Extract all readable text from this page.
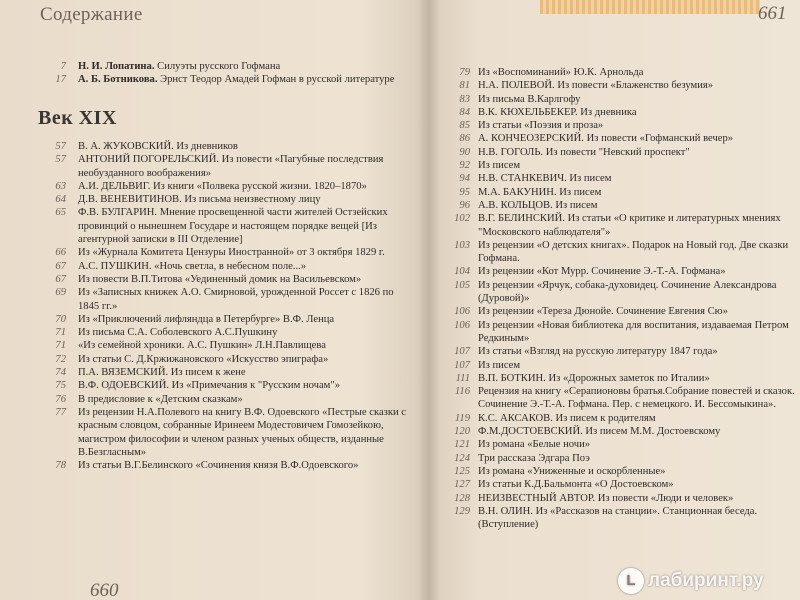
Содержание
7	Н. И. Лопатина. Силуэты русского Гофмана
17	А. Б. Ботникова. Эрнст Теодор Амадей Гофман в русской литературе
Век XIX
57	В. А. ЖУКОВСКИЙ. Из дневников
57	АНТОНИЙ ПОГОРЕЛЬСКИЙ. Из повести «Пагубные последствия необузданного воображения»
63	А.И. ДЕЛЬВИГ. Из книги «Полвека русской жизни. 1820–1870»
64	Д.В. ВЕНЕВИТИНОВ. Из письма неизвестному лицу
65	Ф.В. БУЛГАРИН. Мнение просвещенной части жителей Остзейских провинций о нынешнем Государе и настоящем порядке вещей [Из агентурной записки в III Отделение]
66	Из «Журнала Комитета Цензуры Иностранной» от 3 октября 1829 г.
67	А.С. ПУШКИН. «Ночь светла, в небесном поле...»
67	Из повести В.П.Титова «Уединенный домик на Васильевском»
69	Из «Записных книжек А.О. Смирновой, урожденной Россет с 1826 по 1845 гг.»
70	Из «Приключений лифляндца в Петербурге» В.Ф. Ленца
71	Из письма С.А. Соболевского А.С.Пушкину
71	«Из семейной хроники. А.С. Пушкин» Л.Н.Павлищева
72	Из статьи С. Д.Кржижановского «Искусство эпиграфа»
74	П.А. ВЯЗЕМСКИЙ. Из писем к жене
75	В.Ф. ОДОЕВСКИЙ. Из «Примечания к "Русским ночам"»
76	В предисловие к «Детским сказкам»
77	Из рецензии Н.А.Полевого на книгу В.Ф. Одоевского «Пестрые сказки с красным словцом, собранные Иринеем Модестовичем Гомозейкою, магистром философии и членом разных ученых обществ, изданные В.Безгласным»
78	Из статьи В.Г.Белинского «Сочинения князя В.Ф.Одоевского»
660
661
79 Из «Воспоминаний» Ю.К. Арнольда
81 Н.А. ПОЛЕВОЙ. Из повести «Блаженство безумия»
83 Из письма В.Карлгофу
84 В.К. КЮХЕЛЬБЕКЕР. Из дневника
85 Из статьи «Поэзия и проза»
86 А. КОНЧЕОЗЕРСКИЙ. Из повести «Гофманский вечер»
90 Н.В. ГОГОЛЬ. Из повести "Невский проспект"
92 Из писем
94 Н.В. СТАНКЕВИЧ. Из писем
95 М.А. БАКУНИН. Из писем
96 А.В. КОЛЬЦОВ. Из писем
102 В.Г. БЕЛИНСКИЙ. Из статьи «О критике и литературных мнениях "Московского наблюдателя"»
103 Из рецензии «О детских книгах». Подарок на Новый год. Две сказки Гофмана.
104 Из рецензии «Кот Мурр. Сочинение Э.-Т.-А. Гофмана»
105 Из рецензии «Ярчук, собака-духовидец. Сочинение Александрова (Дуровой)»
106 Из рецензии «Тереза Дюнойе. Сочинение Евгения Сю»
106 Из рецензии «Новая библиотека для воспитания, издаваемая Петром Редкиным»
107 Из статьи «Взгляд на русскую литературу 1847 года»
107 Из писем
111 В.П. БОТКИН. Из «Дорожных заметок по Италии»
116 Рецензия на книгу «Серапионовы братья.Собрание повестей и сказок. Сочинение Э.-Т.-А. Гофмана. Пер. с немецкого. И. Бессомыкина».
119 К.С. АКСАКОВ. Из писем к родителям
120 Ф.М.ДОСТОЕВСКИЙ. Из писем М.М. Достоевскому
121 Из романа «Белые ночи»
124 Три рассказа Эдгара Поэ
125 Из романа «Униженные и оскорбленные»
127 Из статьи К.Д.Бальмонта «О Достоевском»
128 НЕИЗВЕСТНЫЙ АВТОР. Из повести «Люди и человек»
129 В.Н. ОЛИН. Из «Рассказов на станции». Станционная беседа. (Вступление)
L лабиринт.ру
